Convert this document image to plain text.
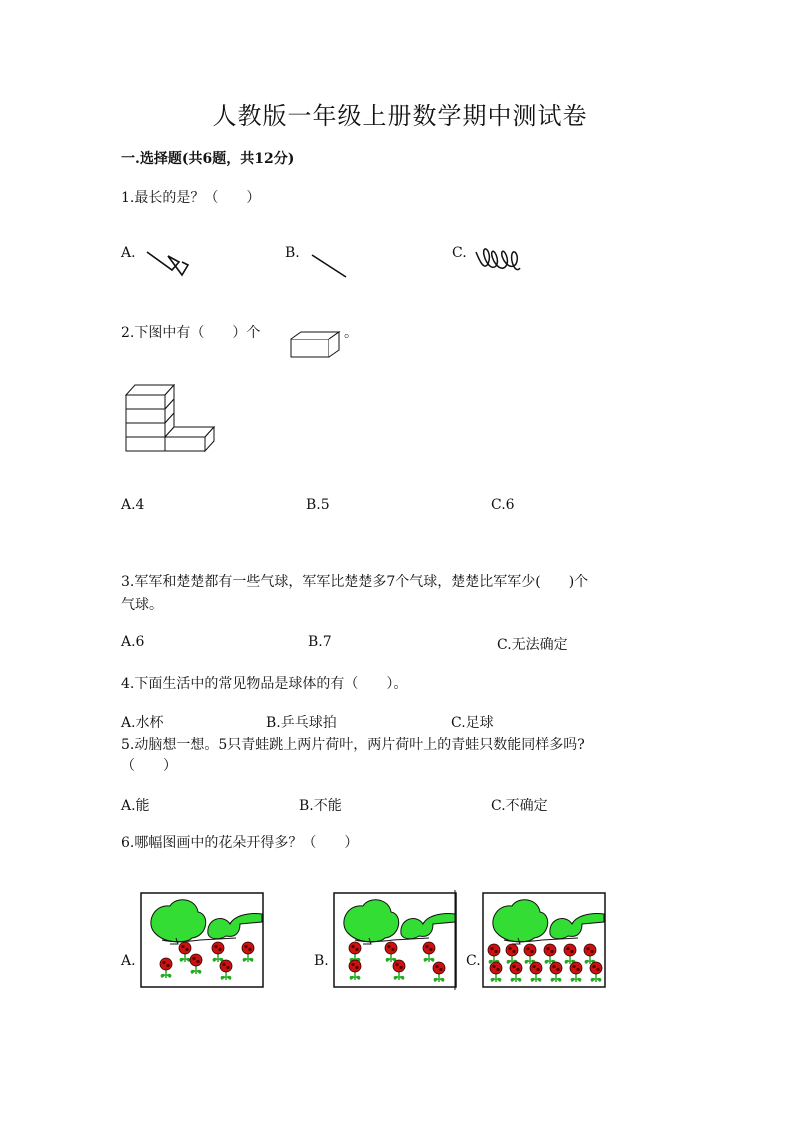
人教版一年级上册数学期中测试卷
一.选择题(共6题，共12分)
1.最长的是？（　　）
A.	B.	C.
2.下图中有（　　）个	。
A.4	B.5	C.6
3.军军和楚楚都有一些气球，军军比楚楚多7个气球，楚楚比军军少(　　)个
气球。
A.6	B.7	C.无法确定
4.下面生活中的常见物品是球体的有（　　）。
A.水杯	B.乒乓球拍	C.足球
5.动脑想一想。5只青蛙跳上两片荷叶，两片荷叶上的青蛙只数能同样多吗?
（　　）
A.能	B.不能	C.不确定
6.哪幅图画中的花朵开得多？（　　）
A.	B.	C.
